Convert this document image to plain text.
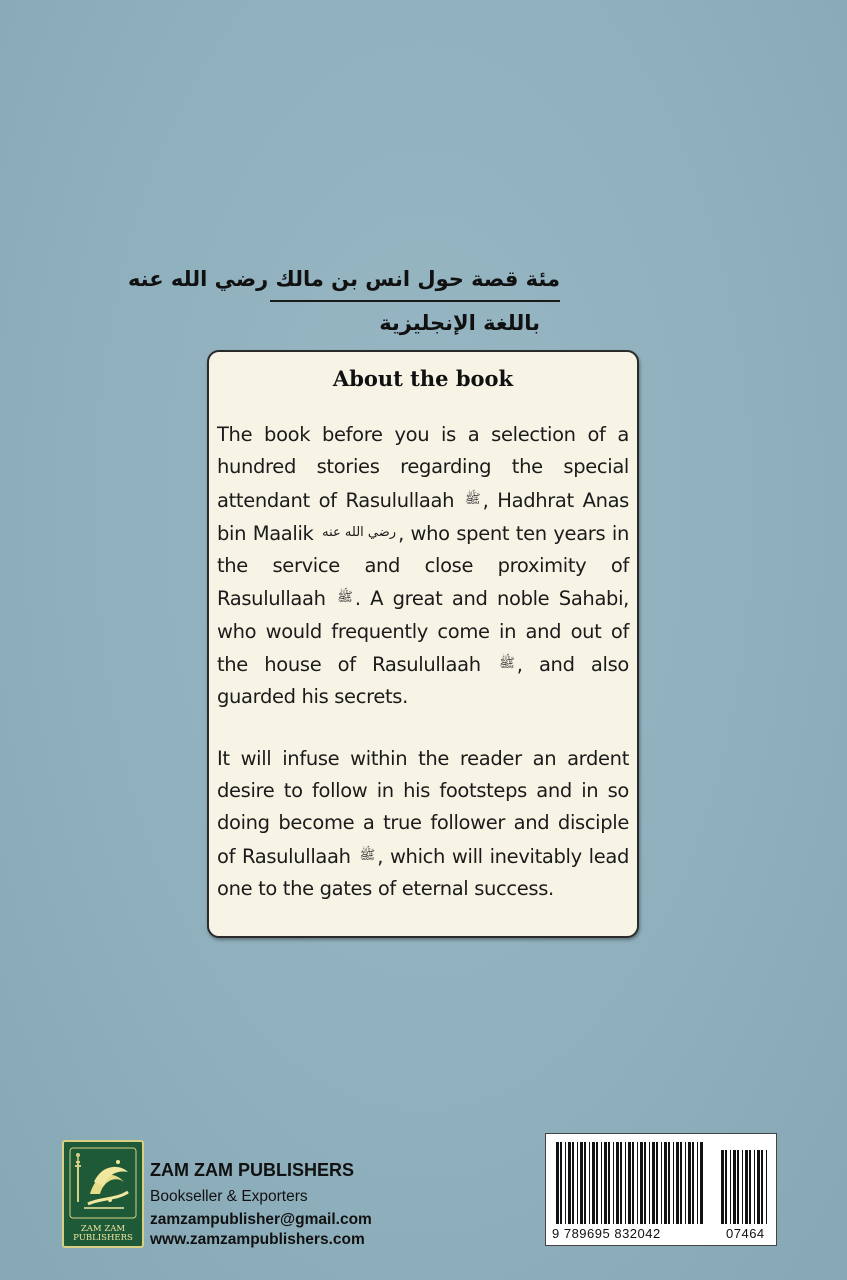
مئة قصة حول انس بن مالك رضي الله عنه
باللغة الإنجليزية
About the book

The book before you is a selection of a hundred stories regarding the special attendant of Rasulullaah ﷺ , Hadhrat Anas bin Maalik رضي الله عنه , who spent ten years in the service and close proximity of Rasulullaah ﷺ . A great and noble Sahabi, who would frequently come in and out of the house of Rasulullaah ﷺ , and also guarded his secrets.

It will infuse within the reader an ardent desire to follow in his footsteps and in so doing become a true follower and disciple of Rasulullaah ﷺ , which will inevitably lead one to the gates of eternal success.

ZAM ZAM
PUBLISHERS
ZAM ZAM PUBLISHERS
Bookseller & Exporters
zamzampublisher@gmail.com
www.zamzampublishers.com	9 789695 832042	07464
